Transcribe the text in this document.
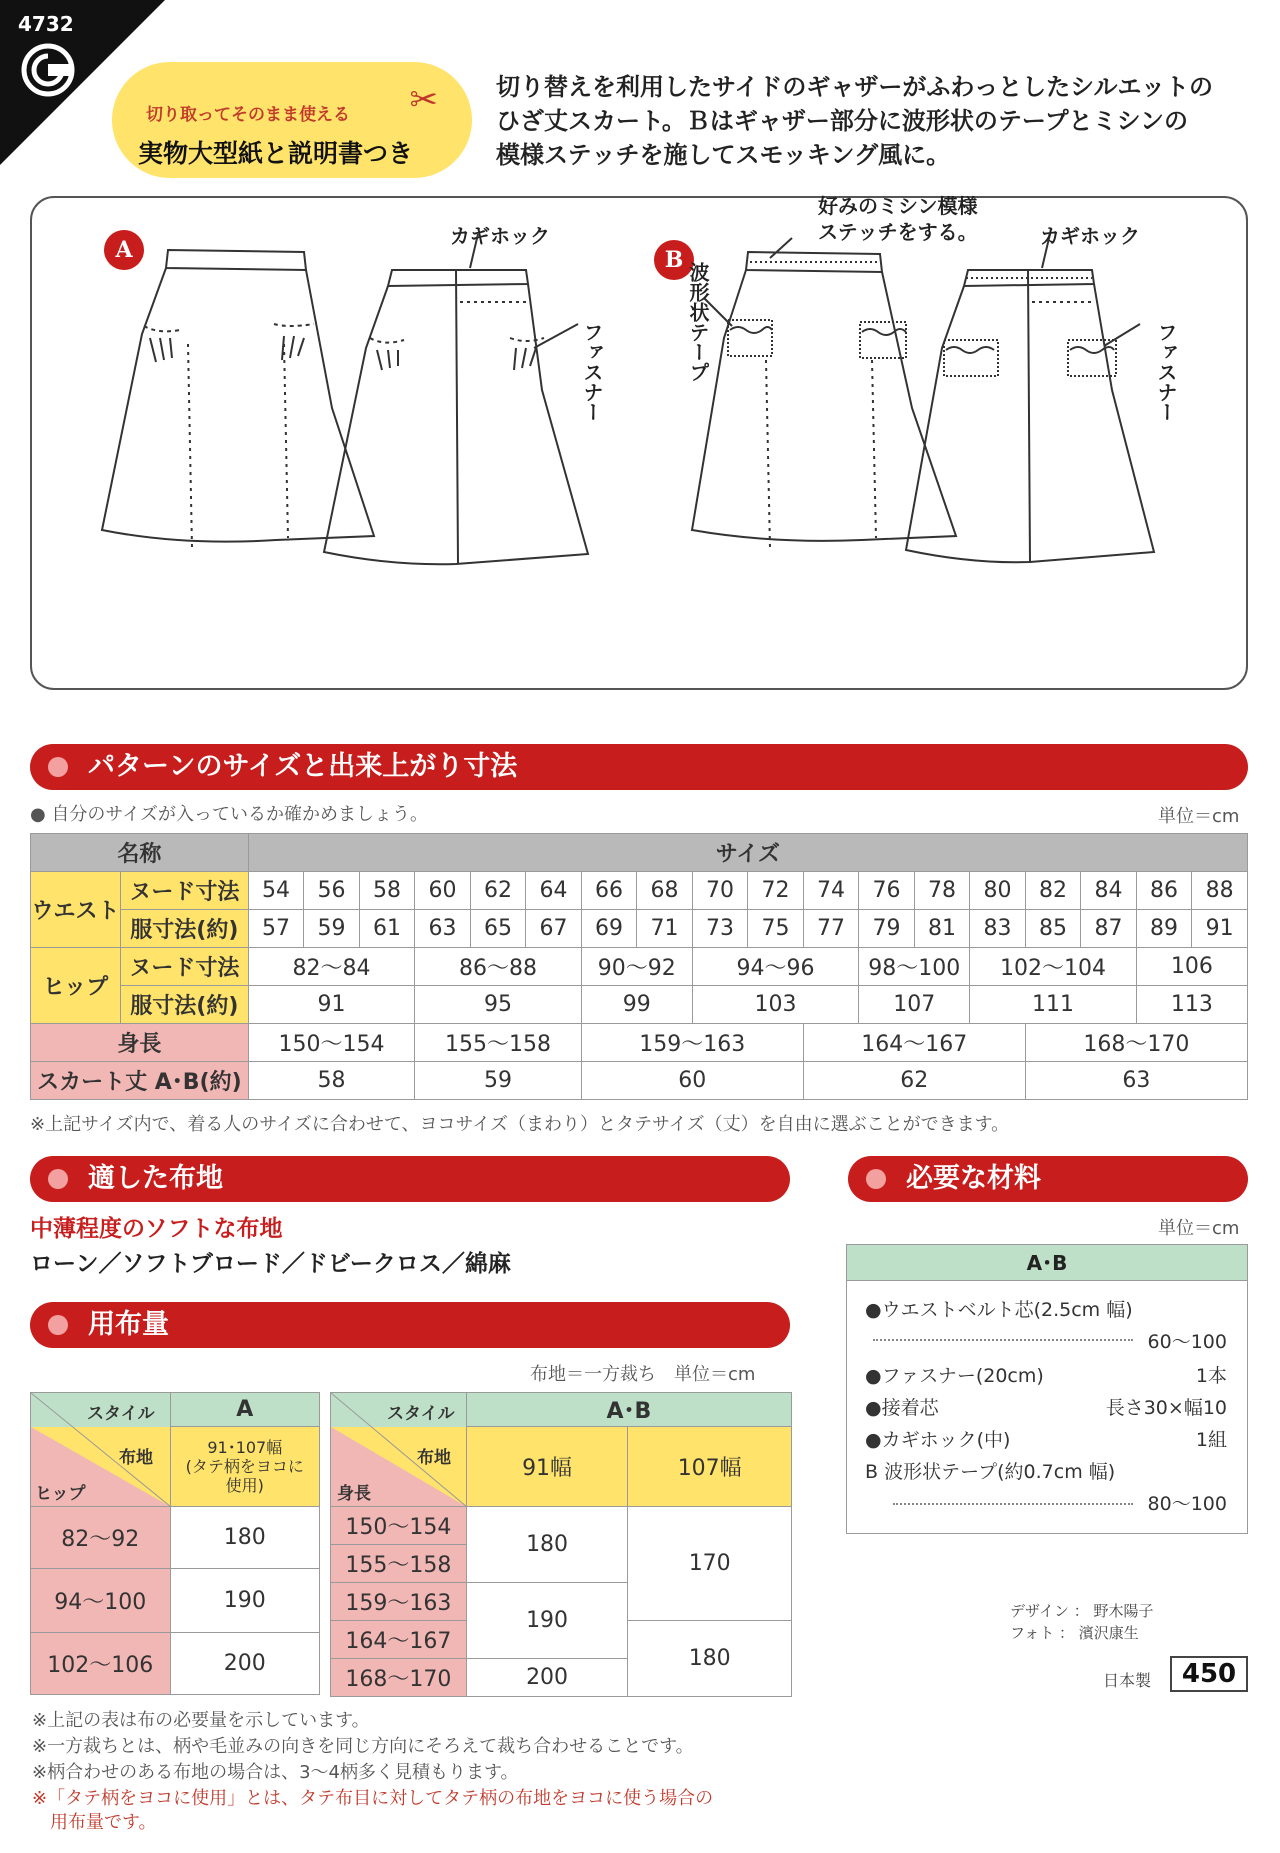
4732
切り取ってそのまま使える
実物大型紙と説明書つき
✂ 切り替えを利用したサイドのギャザーがふわっとしたシルエットの
ひざ丈スカート。Ｂはギャザー部分に波形状のテープとミシンの
模様ステッチを施してスモッキング風に。
A	B
カギホック
ファスナー
好みのミシン模様
ステッチをする。	カギホック
波形状テープ	ファスナー
パターンのサイズと出来上がり寸法
● 自分のサイズが入っているか確かめましょう。	単位＝cm
名称		サイズ																	
ウエスト	ヌード寸法	54	56	58	60	62	64	66	68	70	72	74	76	78	80	82	84	86	88
	服寸法(約)	57	59	61	63	65	67	69	71	73	75	77	79	81	83	85	87	89	91
ヒップ	ヌード寸法	82〜84			86〜88			90〜92		94〜96			98〜100		102〜104			106	
	服寸法(約)	91			95			99		103			107		111			113	
身長		150〜154			155〜158			159〜163				164〜167				168〜170			
スカート丈 A･B(約)		58			59			60				62				63			
※上記サイズ内で、着る人のサイズに合わせて、ヨコサイズ（まわり）とタテサイズ（丈）を自由に選ぶことができます。
適した布地
中薄程度のソフトな布地
ローン／ソフトブロード／ドビークロス／綿麻
必要な材料
単位＝cm
A･B
●ウエストベルト芯(2.5cm 幅)
60〜100
●ファスナー(20cm)	1本
●接着芯	長さ30×幅10
●カギホック(中)	1組
B 波形状テープ(約0.7cm 幅)
80〜100
用布量
布地＝一方裁ち　単位＝cm
スタイル
布地
ヒップ	A

	91･107幅
(タテ柄をヨコに
使用)

82〜92	180
94〜100	190
102〜106	200
スタイル
布地
身長	A･B	
	91幅	107幅
150〜154	180	170
155〜158		
159〜163	190	
164〜167		180
168〜170	200	
デザイン ： 野木陽子
フォト ： 濱沢康生
日本製	450
※上記の表は布の必要量を示しています。
※一方裁ちとは、柄や毛並みの向きを同じ方向にそろえて裁ち合わせることです。
※柄合わせのある布地の場合は、3〜4柄多く見積もります。
※「タテ柄をヨコに使用」とは、タテ布目に対してタテ柄の布地をヨコに使う場合の
　用布量です。
